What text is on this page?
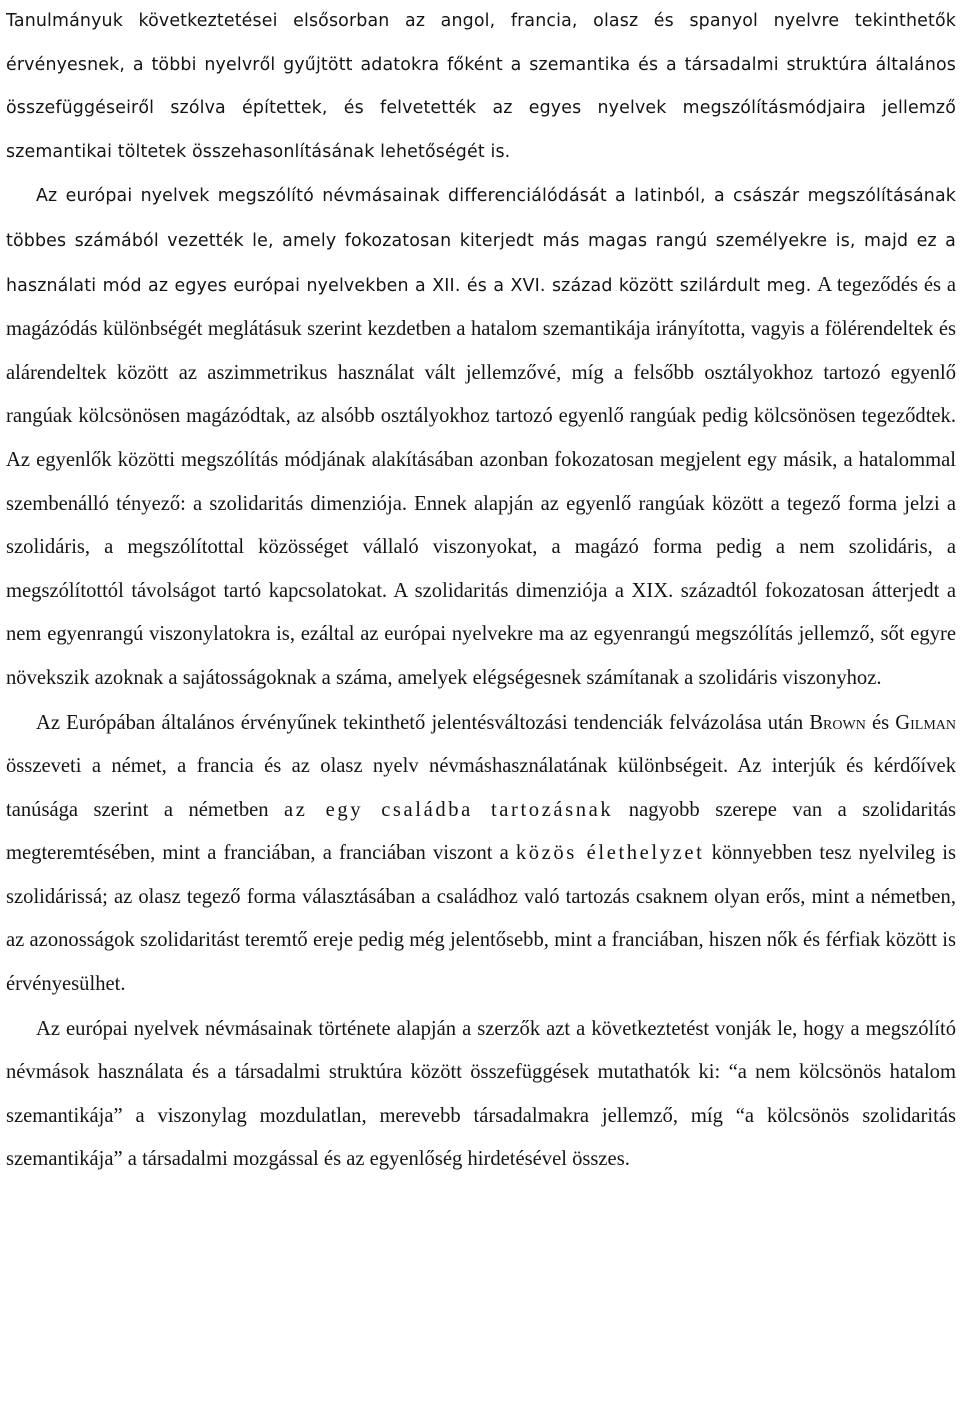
Tanulmányuk következtetései elsősorban az angol, francia, olasz és spanyol nyelvre tekinthetők érvényesnek, a többi nyelvről gyűjtött adatokra főként a szemantika és a társadalmi struktúra általános összefüggéseiről szólva építettek, és felvetették az egyes nyelvek megszólításmódjaira jellemző szemantikai töltetek összehasonlításának lehetőségét is.

Az európai nyelvek megszólító névmásainak differenciálódását a latinból, a császár megszólításának többes számából vezették le, amely fokozatosan kiterjedt más magas rangú személyekre is, majd ez a használati mód az egyes európai nyelvekben a XII. és a XVI. század között szilárdult meg. A tegeződés és a magázódás különbségét meglátásuk szerint kezdetben a hatalom szemantikája irányította, vagyis a fölérendeltek és alárendeltek között az aszimmetrikus használat vált jellemzővé, míg a felsőbb osztályokhoz tartozó egyenlő rangúak kölcsönösen magázódtak, az alsóbb osztályokhoz tartozó egyenlő rangúak pedig kölcsönösen tegeződtek. Az egyenlők közötti megszólítás módjának alakításában azonban fokozatosan megjelent egy másik, a hatalommal szembenálló tényező: a szolidaritás dimenziója. Ennek alapján az egyenlő rangúak között a tegező forma jelzi a szolidáris, a megszólítottal közösséget vállaló viszonyokat, a magázó forma pedig a nem szolidáris, a megszólítottól távolságot tartó kapcsolatokat. A szolidaritás dimenziója a XIX. századtól fokozatosan átterjedt a nem egyenrangú viszonylatokra is, ezáltal az európai nyelvekre ma az egyenrangú megszólítás jellemző, sőt egyre növekszik azoknak a sajátosságoknak a száma, amelyek elégségesnek számítanak a szolidáris viszonyhoz.

Az Európában általános érvényűnek tekinthető jelentésváltozási tendenciák felvázolása után Brown és Gilman összeveti a német, a francia és az olasz nyelv névmáshasználatának különbségeit. Az interjúk és kérdőívek tanúsága szerint a németben az egy családba tartozásnak nagyobb szerepe van a szolidaritás megteremtésében, mint a franciában, a franciában viszont a közös élethelyzet könnyebben tesz nyelvileg is szolidárissá; az olasz tegező forma választásában a családhoz való tartozás csaknem olyan erős, mint a németben, az azonosságok szolidaritást teremtő ereje pedig még jelentősebb, mint a franciában, hiszen nők és férfiak között is érvényesülhet.

Az európai nyelvek névmásainak története alapján a szerzők azt a következtetést vonják le, hogy a megszólító névmások használata és a társadalmi struktúra között összefüggések mutathatók ki: “a nem kölcsönös hatalom szemantikája” a viszonylag mozdulatlan, merevebb társadalmakra jellemző, míg “a kölcsönös szolidaritás szemantikája” a társadalmi mozgással és az egyenlőség hirdetésével összes.
